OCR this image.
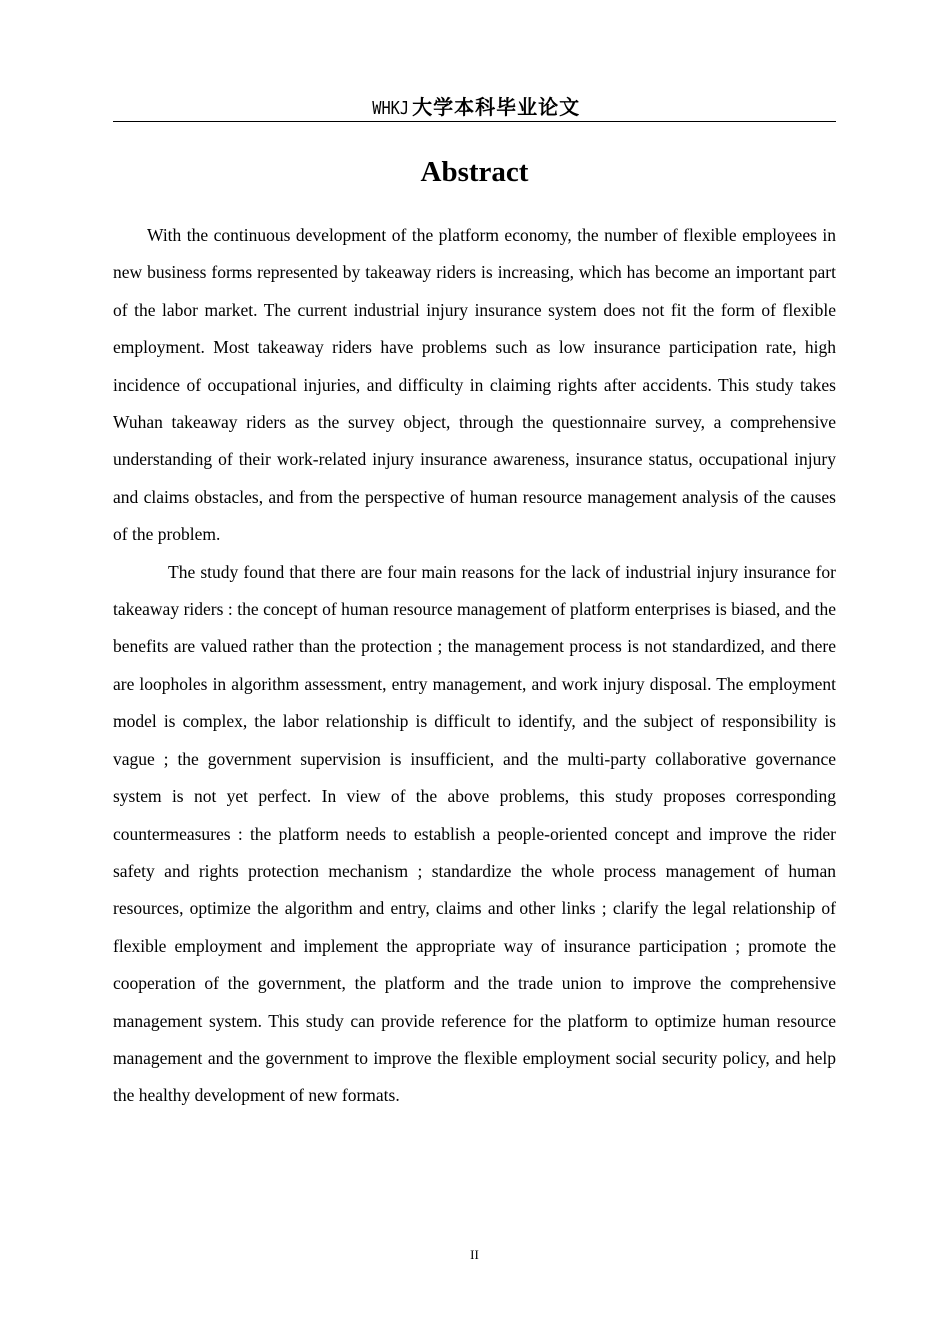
WHKJ 大学本科毕业论文
Abstract

With the continuous development of the platform economy, the number of flexible employees in new business forms represented by takeaway riders is increasing, which has become an important part of the labor market. The current industrial injury insurance system does not fit the form of flexible employment. Most takeaway riders have problems such as low insurance participation rate, high incidence of occupational injuries, and difficulty in claiming rights after accidents. This study takes Wuhan takeaway riders as the survey object, through the questionnaire survey, a comprehensive understanding of their work-related injury insurance awareness, insurance status, occupational injury and claims obstacles, and from the perspective of human resource management analysis of the causes of the problem.

The study found that there are four main reasons for the lack of industrial injury insurance for takeaway riders : the concept of human resource management of platform enterprises is biased, and the benefits are valued rather than the protection ; the management process is not standardized, and there are loopholes in algorithm assessment, entry management, and work injury disposal. The employment model is complex, the labor relationship is difficult to identify, and the subject of responsibility is vague ; the government supervision is insufficient, and the multi-party collaborative governance system is not yet perfect. In view of the above problems, this study proposes corresponding countermeasures : the platform needs to establish a people-oriented concept and improve the rider safety and rights protection mechanism ; standardize the whole process management of human resources, optimize the algorithm and entry, claims and other links ; clarify the legal relationship of flexible employment and implement the appropriate way of insurance participation ; promote the cooperation of the government, the platform and the trade union to improve the comprehensive management system. This study can provide reference for the platform to optimize human resource management and the government to improve the flexible employment social security policy, and help the healthy development of new formats.

II
